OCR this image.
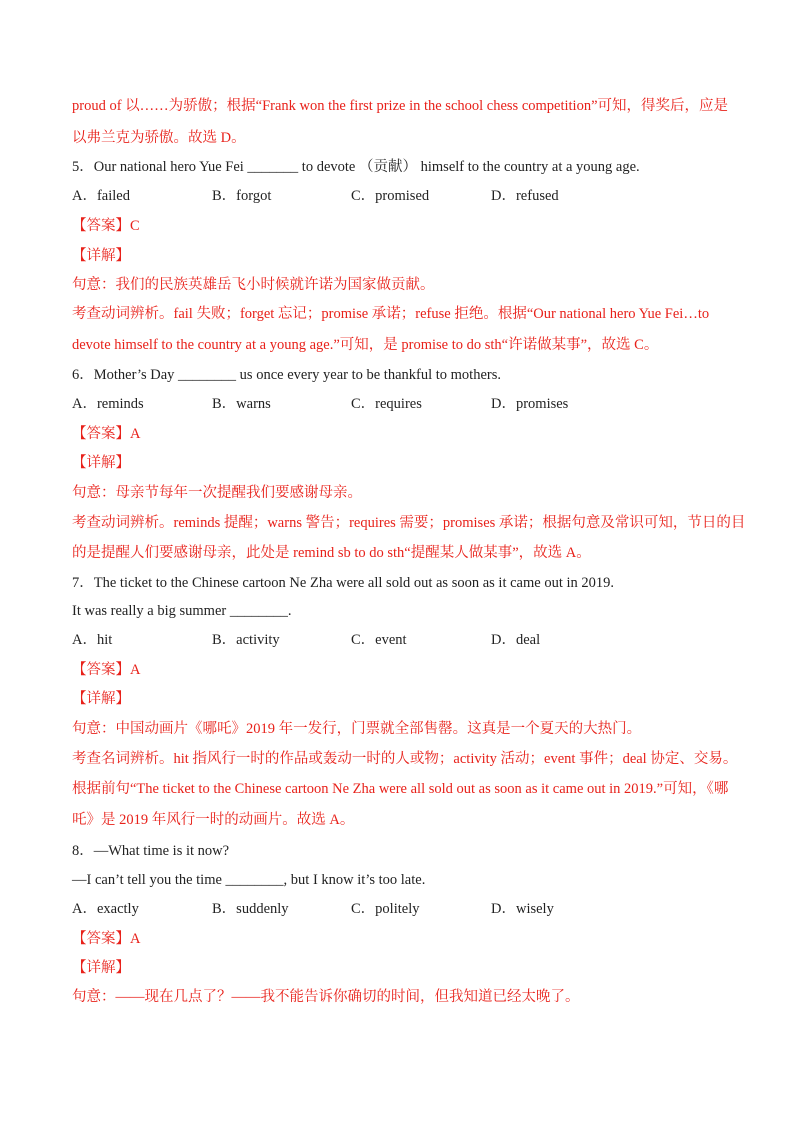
proud of 以……为骄傲；根据“Frank won the first prize in the school chess competition”可知，得奖后，应是
以弗兰克为骄傲。故选 D。
5．Our national hero Yue Fei _______ to devote （贡献） himself to the country at a young age.
A．failed	B．forgot	C．promised	D．refused
【答案】C
【详解】
句意：我们的民族英雄岳飞小时候就许诺为国家做贡献。
考查动词辨析。fail 失败；forget 忘记；promise 承诺；refuse 拒绝。根据“Our national hero Yue Fei…to
devote himself to the country at a young age.”可知，是 promise to do sth“许诺做某事”，故选 C。
6．Mother’s Day ________ us once every year to be thankful to mothers.
A．reminds	B．warns	C．requires	D．promises
【答案】A
【详解】
句意：母亲节每年一次提醒我们要感谢母亲。
考查动词辨析。reminds 提醒；warns 警告；requires 需要；promises 承诺；根据句意及常识可知，节日的目
的是提醒人们要感谢母亲，此处是 remind sb to do sth“提醒某人做某事”，故选 A。
7．The ticket to the Chinese cartoon Ne Zha were all sold out as soon as it came out in 2019.
It was really a big summer ________.
A．hit	B．activity	C．event	D．deal
【答案】A
【详解】
句意：中国动画片《哪吒》2019 年一发行，门票就全部售罄。这真是一个夏天的大热门。
考查名词辨析。hit 指风行一时的作品或轰动一时的人或物；activity 活动；event 事件；deal 协定、交易。
根据前句“The ticket to the Chinese cartoon Ne Zha were all sold out as soon as it came out in 2019.”可知，《哪
吒》是 2019 年风行一时的动画片。故选 A。
8．—What time is it now?
—I can’t tell you the time ________, but I know it’s too late.
A．exactly	B．suddenly	C．politely	D．wisely
【答案】A
【详解】
句意：——现在几点了？——我不能告诉你确切的时间，但我知道已经太晚了。
